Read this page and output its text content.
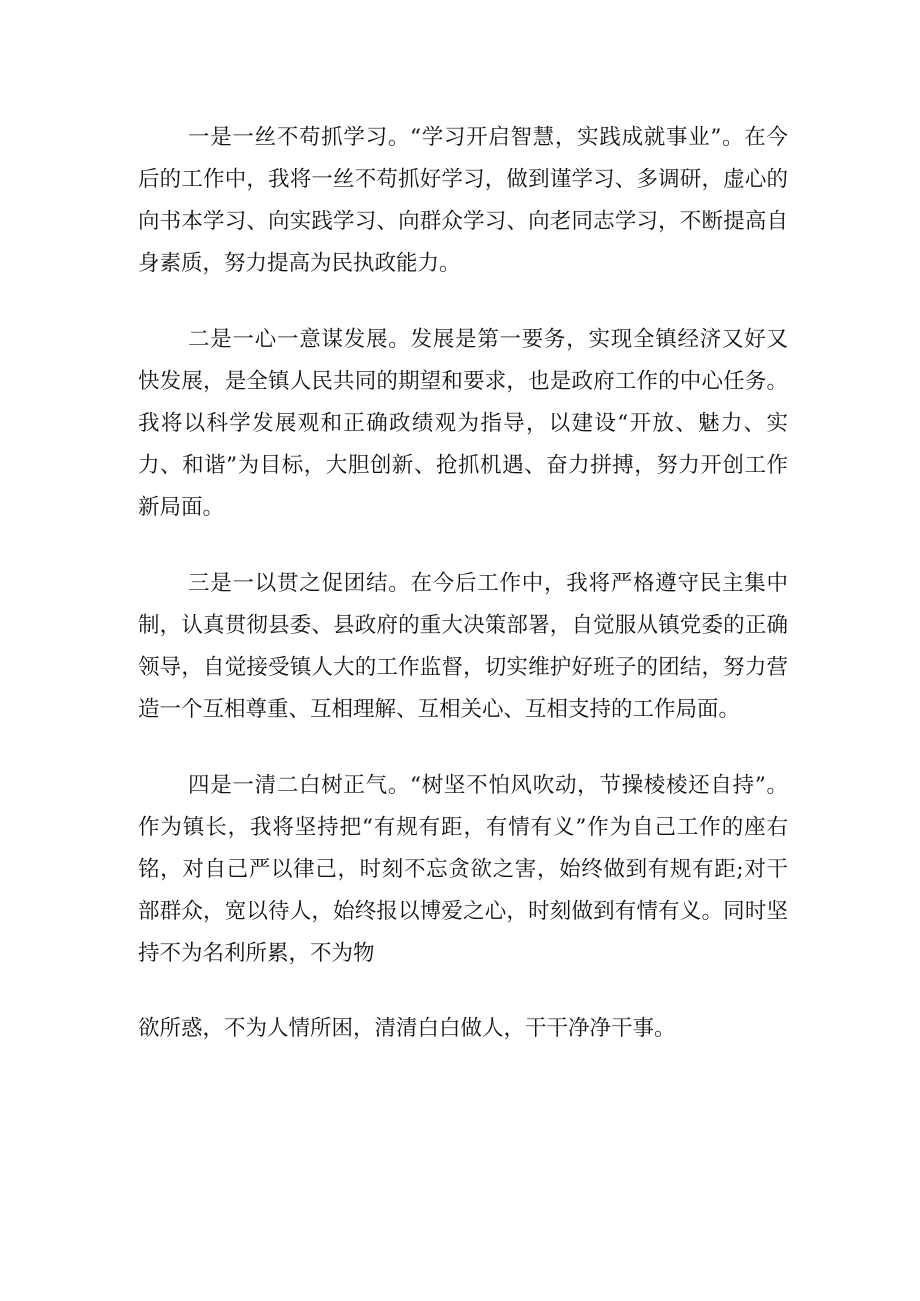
一是一丝不苟抓学习。“学习开启智慧，实践成就事业”。在今后的工作中，我将一丝不苟抓好学习，做到谨学习、多调研，虚心的向书本学习、向实践学习、向群众学习、向老同志学习，不断提高自身素质，努力提高为民执政能力。

二是一心一意谋发展。发展是第一要务，实现全镇经济又好又快发展，是全镇人民共同的期望和要求，也是政府工作的中心任务。我将以科学发展观和正确政绩观为指导，以建设“开放、魅力、实力、和谐”为目标，大胆创新、抢抓机遇、奋力拼搏，努力开创工作新局面。

三是一以贯之促团结。在今后工作中，我将严格遵守民主集中制，认真贯彻县委、县政府的重大决策部署，自觉服从镇党委的正确领导，自觉接受镇人大的工作监督，切实维护好班子的团结，努力营造一个互相尊重、互相理解、互相关心、互相支持的工作局面。

四是一清二白树正气。“树坚不怕风吹动，节操棱棱还自持”。作为镇长，我将坚持把“有规有距，有情有义”作为自己工作的座右铭，对自己严以律己，时刻不忘贪欲之害，始终做到有规有距;对干部群众，宽以待人，始终报以博爱之心，时刻做到有情有义。同时坚持不为名利所累，不为物

欲所惑，不为人情所困，清清白白做人，干干净净干事。
